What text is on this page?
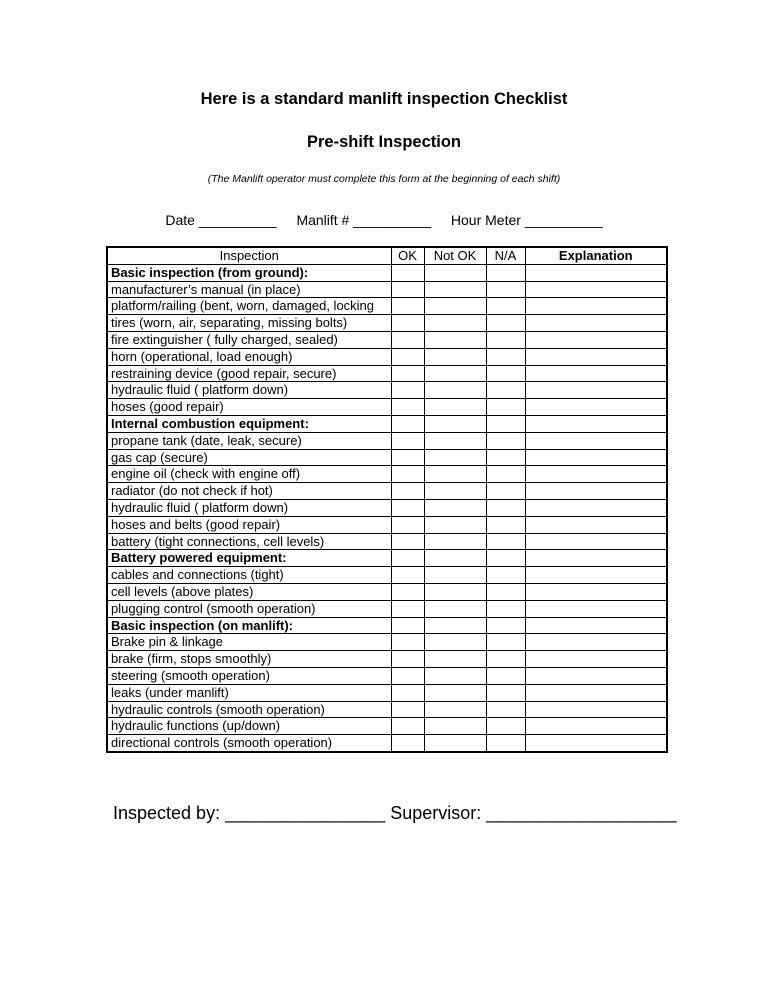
Here is a standard manlift inspection Checklist
Pre-shift Inspection
(The Manlift operator must complete this form at the beginning of each shift)
Date __________ Manlift # __________ Hour Meter __________
Inspection	OK	Not OK	N/A	Explanation
Basic inspection (from ground):				
manufacturer’s manual (in place)				
platform/railing (bent, worn, damaged, locking				
tires (worn, air, separating, missing bolts)				
fire extinguisher ( fully charged, sealed)				
horn (operational, load enough)				
restraining device (good repair, secure)				
hydraulic fluid ( platform down)				
hoses (good repair)				
Internal combustion equipment:				
propane tank (date, leak, secure)				
gas cap (secure)				
engine oil (check with engine off)				
radiator (do not check if hot)				
hydraulic fluid ( platform down)				
hoses and belts (good repair)				
battery (tight connections, cell levels)				
Battery powered equipment:				
cables and connections (tight)				
cell levels (above plates)				
plugging control (smooth operation)				
Basic inspection (on manlift):				
Brake pin & linkage				
brake (firm, stops smoothly)				
steering (smooth operation)				
leaks (under manlift)				
hydraulic controls (smooth operation)				
hydraulic functions (up/down)				
directional controls (smooth operation)				
Inspected by: ________________ Supervisor: ___________________
